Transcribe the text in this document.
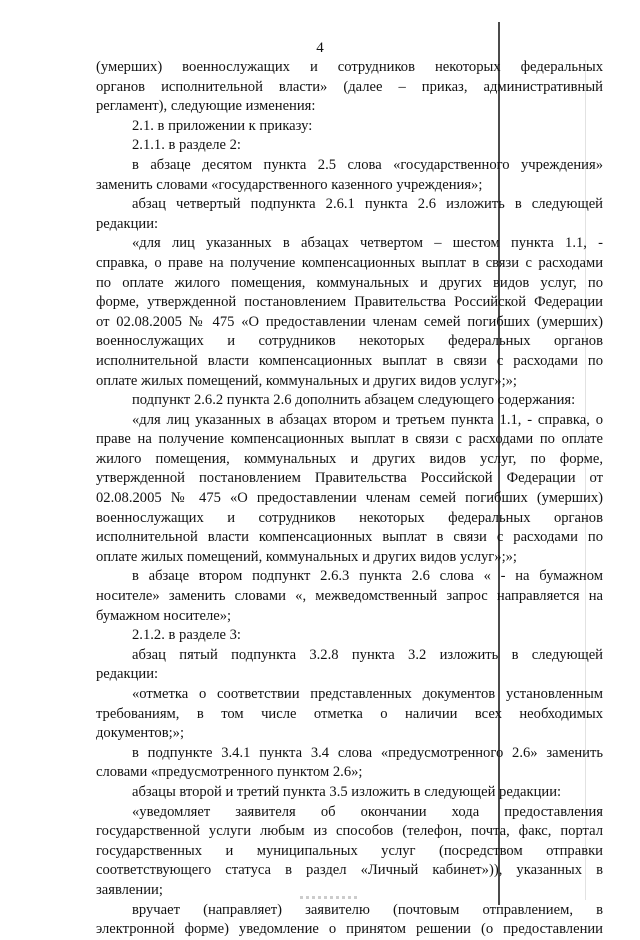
4
(умерших) военнослужащих и сотрудников некоторых федеральных
органов исполнительной власти» (далее – приказ, административный
регламент), следующие изменения:
2.1. в приложении к приказу:
2.1.1. в разделе 2:
в абзаце десятом пункта 2.5 слова «государственного учреждения»
заменить словами «государственного казенного учреждения»;
абзац четвертый подпункта 2.6.1 пункта 2.6 изложить в следующей
редакции:
«для лиц указанных в абзацах четвертом – шестом пункта 1.1, -
справка, о праве на получение компенсационных выплат в связи с расходами
по оплате жилого помещения, коммунальных и других видов услуг, по
форме, утвержденной постановлением Правительства Российской Федерации
от 02.08.2005 № 475 «О предоставлении членам семей погибших (умерших)
военнослужащих и сотрудников некоторых федеральных органов
исполнительной власти компенсационных выплат в связи с расходами по
оплате жилых помещений, коммунальных и других видов услуг»;»;
подпункт 2.6.2 пункта 2.6 дополнить абзацем следующего содержания:
«для лиц указанных в абзацах втором и третьем пункта 1.1, - справка, о
праве на получение компенсационных выплат в связи с расходами по оплате
жилого помещения, коммунальных и других видов услуг, по форме,
утвержденной постановлением Правительства Российской Федерации от
02.08.2005 № 475 «О предоставлении членам семей погибших (умерших)
военнослужащих и сотрудников некоторых федеральных органов
исполнительной власти компенсационных выплат в связи с расходами по
оплате жилых помещений, коммунальных и других видов услуг»;»;
в абзаце втором подпункт 2.6.3 пункта 2.6 слова « - на бумажном
носителе» заменить словами «, межведомственный запрос направляется на
бумажном носителе»;
2.1.2. в разделе 3:
абзац пятый подпункта 3.2.8 пункта 3.2 изложить в следующей
редакции:
«отметка о соответствии представленных документов установленным
требованиям, в том числе отметка о наличии всех необходимых
документов;»;
в подпункте 3.4.1 пункта 3.4 слова «предусмотренного 2.6» заменить
словами «предусмотренного пунктом 2.6»;
абзацы второй и третий пункта 3.5 изложить в следующей редакции:
«уведомляет заявителя об окончании хода предоставления
государственной услуги любым из способов (телефон, почта, факс, портал
государственных и муниципальных услуг (посредством отправки
соответствующего статуса в раздел «Личный кабинет»)), указанных в
заявлении;
вручает (направляет) заявителю (почтовым отправлением, в
электронной форме) уведомление о принятом решении (о предоставлении
